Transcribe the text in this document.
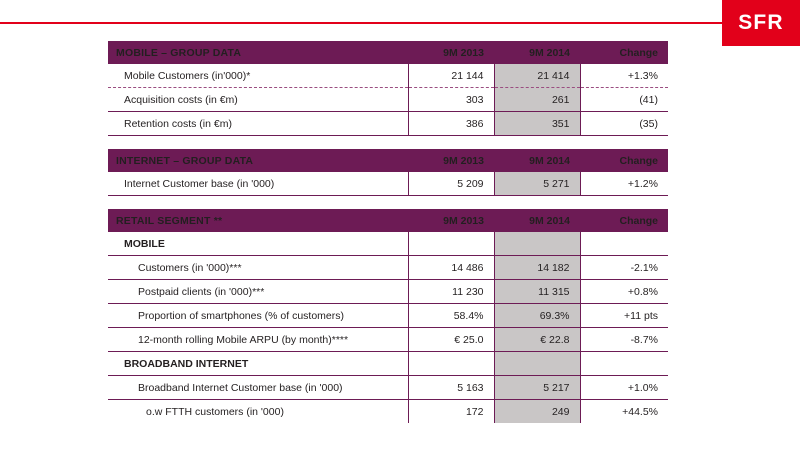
SFR
MOBILE – GROUP DATA	9M 2013	9M 2014	Change
Mobile Customers (in'000)*	21 144	21 414	+1.3%
Acquisition costs (in €m)	303	261	(41)
Retention costs (in €m)	386	351	(35)
INTERNET – GROUP DATA	9M 2013	9M 2014	Change
Internet Customer base (in '000)	5 209	5 271	+1.2%
RETAIL SEGMENT **	9M 2013	9M 2014	Change
MOBILE			
Customers (in '000)***	14 486	14 182	-2.1%
Postpaid clients (in '000)***	11 230	11 315	+0.8%
Proportion of smartphones (% of customers)	58.4%	69.3%	+11 pts
12-month rolling Mobile ARPU (by month)****	€ 25.0	€ 22.8	-8.7%
BROADBAND INTERNET			
Broadband Internet Customer base (in '000)	5 163	5 217	+1.0%
o.w FTTH customers (in '000)	172	249	+44.5%
